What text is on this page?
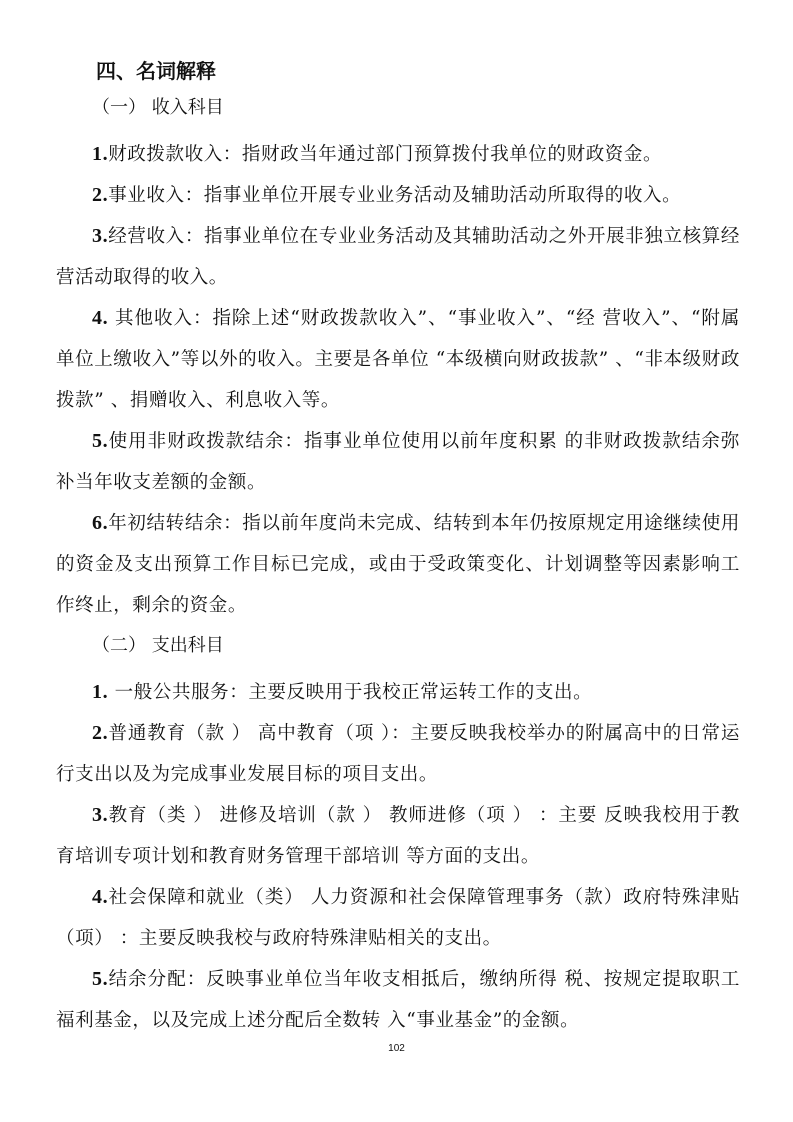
四、名词解释
（一） 收入科目

1.财政拨款收入：指财政当年通过部门预算拨付我单位的财政资金。

2.事业收入：指事业单位开展专业业务活动及辅助活动所取得的收入。

3.经营收入：指事业单位在专业业务活动及其辅助活动之外开展非独立核算经营活动取得的收入。

4. 其他收入：指除上述“财政拨款收入”、“事业收入”、“经 营收入”、“附属单位上缴收入”等以外的收入。主要是各单位 “本级横向财政拔款” 、“非本级财政拨款” 、捐赠收入、利息收入等。

5.使用非财政拨款结余：指事业单位使用以前年度积累 的非财政拨款结余弥补当年收支差额的金额。

6.年初结转结余：指以前年度尚未完成、结转到本年仍按原规定用途继续使用的资金及支出预算工作目标已完成，或由于受政策变化、计划调整等因素影响工作终止，剩余的资金。

（二） 支出科目

1. 一般公共服务：主要反映用于我校正常运转工作的支出。

2.普通教育（款 ） 高中教育（项 ）：主要反映我校举办的附属高中的日常运行支出以及为完成事业发展目标的项目支出。

3.教育（类 ） 进修及培训（款 ） 教师进修（项 ） ：主要 反映我校用于教育培训专项计划和教育财务管理干部培训 等方面的支出。

4.社会保障和就业（类） 人力资源和社会保障管理事务（款）政府特殊津贴（项） ：主要反映我校与政府特殊津贴相关的支出。

5.结余分配：反映事业单位当年收支相抵后，缴纳所得 税、按规定提取职工福利基金，以及完成上述分配后全数转 入“事业基金”的金额。

102
